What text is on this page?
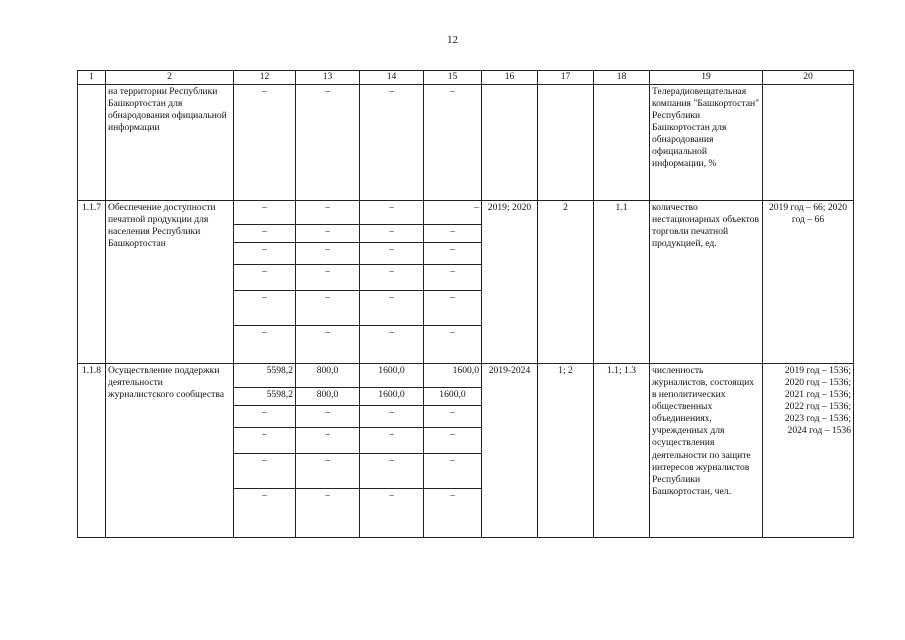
12
1	2	12	13	14	15	16	17	18	19	20
	на территории Республики Башкортостан для обнародования официальной информации	–	–	–	–				Телерадиовещательная компания "Башкортостан" Республики Башкортостан для обнародования официальной информации, %	
1.1.7	Обеспечение доступности печатной продукции для населения Республики Башкортостан	–	–	–	–	2019; 2020	2	1.1	количество нестационарных объектов торговли печатной продукцией, ед.	2019 год – 66; 2020 год – 66
		–	–	–	–					
		–	–	–	–					
		–	–	–	–					
		–	–	–	–					
		–	–	–	–					
1.1.8	Осуществление поддержки деятельности журналистского сообщества	5598,2	800,0	1600,0	1600,0	2019-2024	1; 2	1.1; 1.3	численность журналистов, состоящих в неполитических общественных объединениях, учрежденных для осуществления деятельности по защите интересов журналистов Республики Башкортостан, чел.	2019 год – 1536; 2020 год – 1536; 2021 год – 1536; 2022 год – 1536; 2023 год – 1536; 2024 год – 1536
		5598,2	800,0	1600,0	1600,0					
		–	–	–	–					
		–	–	–	–					
		–	–	–	–					
		–	–	–	–					
